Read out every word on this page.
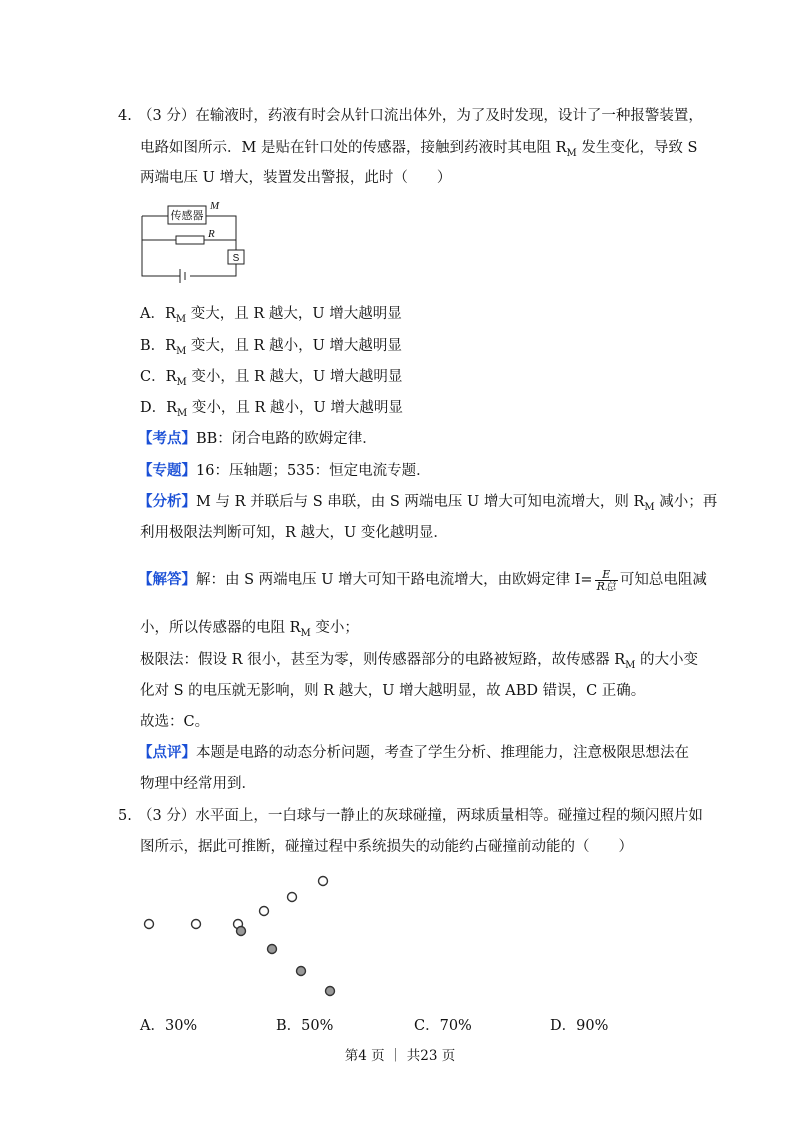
4. （3 分）在输液时，药液有时会从针口流出体外，为了及时发现，设计了一种报警装置，
电路如图所示．M 是贴在针口处的传感器，接触到药液时其电阻 $R_M$ 发生变化，导致 S
两端电压 U 增大，装置发出警报，此时（　　）
传感器
M
R
S
A．$R_M$ 变大，且 R 越大，U 增大越明显
B．$R_M$ 变大，且 R 越小，U 增大越明显
C．$R_M$ 变小，且 R 越大，U 增大越明显
D．$R_M$ 变小，且 R 越小，U 增大越明显
【考点】BB：闭合电路的欧姆定律．
【专题】16：压轴题；535：恒定电流专题．
【分析】M 与 R 并联后与 S 串联，由 S 两端电压 U 增大可知电流增大，则 $R_M$ 减小；再
利用极限法判断可知，R 越大，U 变化越明显．
【解答】解：由 S 两端电压 U 增大可知干路电流增大，由欧姆定律 $I= \frac{E}{\text{R总}}$ 可知总电阻减
小，所以传感器的电阻 $R_M$ 变小；
极限法：假设 R 很小，甚至为零，则传感器部分的电路被短路，故传感器 $R_M$ 的大小变
化对 S 的电压就无影响，则 R 越大，U 增大越明显，故 ABD 错误，C 正确。
故选：C。
【点评】本题是电路的动态分析问题，考查了学生分析、推理能力，注意极限思想法在
物理中经常用到．
5. （3 分）水平面上，一白球与一静止的灰球碰撞，两球质量相等。碰撞过程的频闪照片如
图所示，据此可推断，碰撞过程中系统损失的动能约占碰撞前动能的（　　）
A．30%	B．50%	C．70%	D．90%
第4 页 ｜ 共23 页
